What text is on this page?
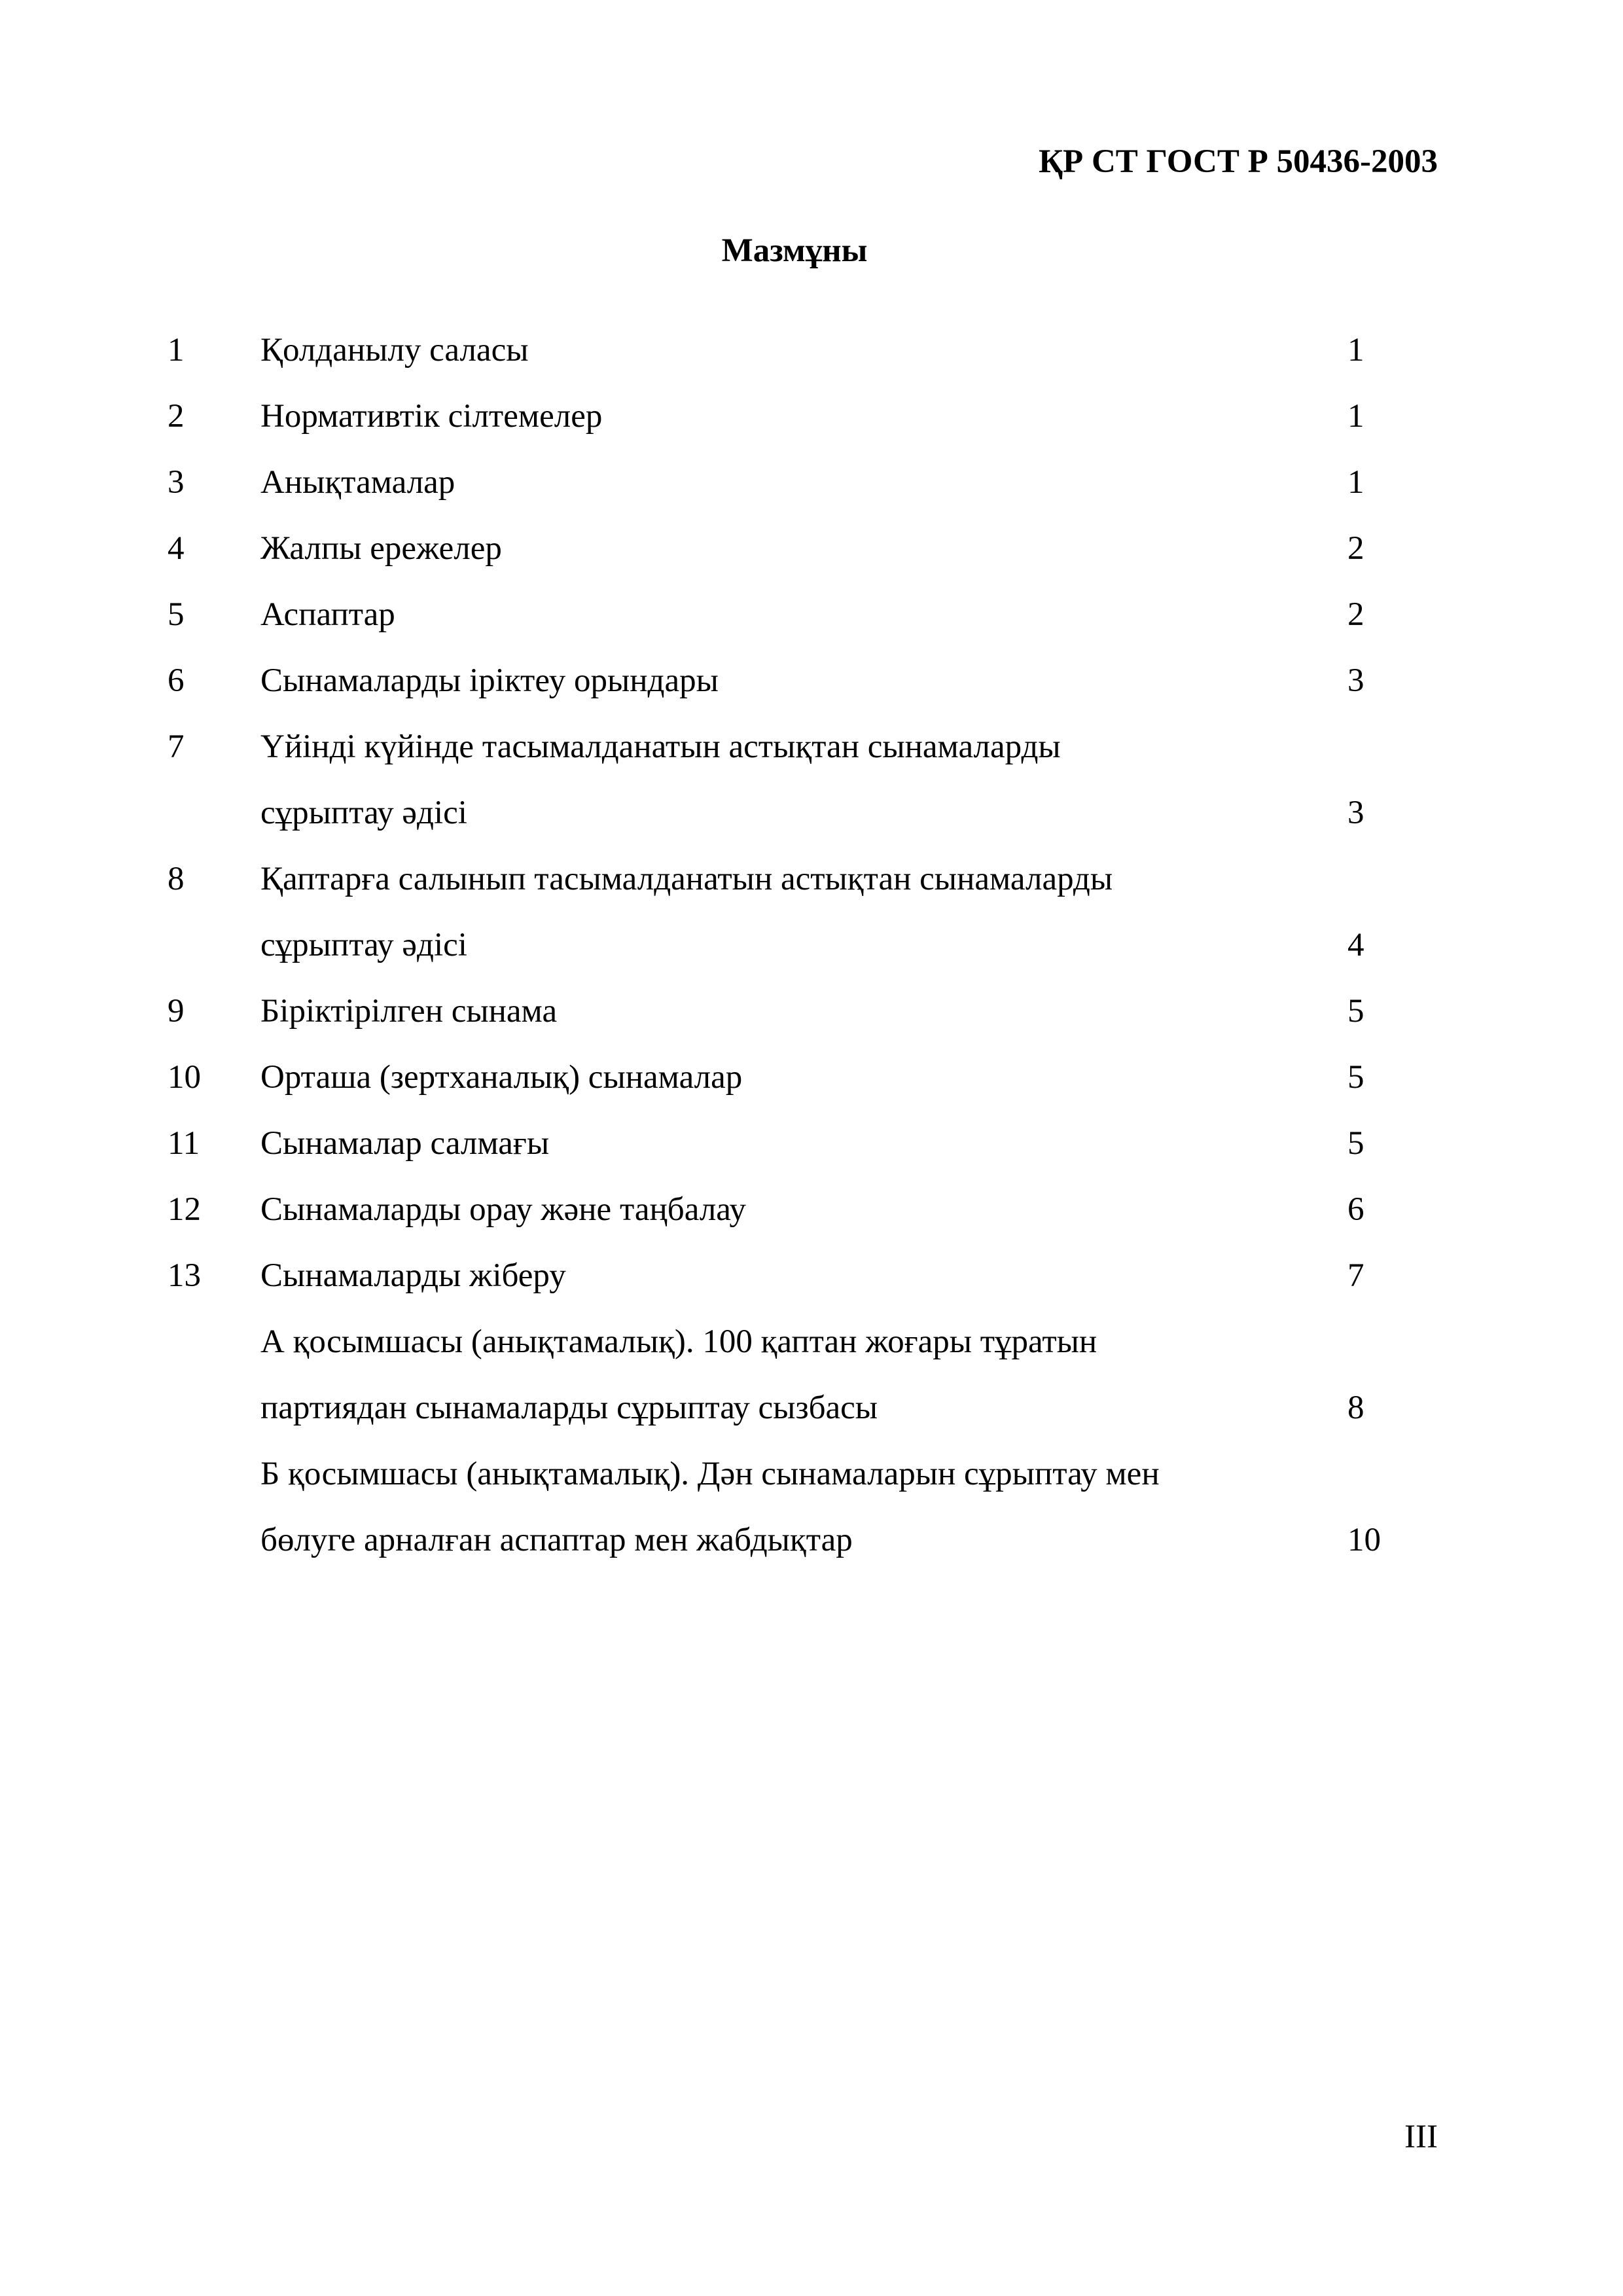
ҚР СТ ГОСТ Р 50436-2003
Мазмұны
1 Қолданылу саласы	1
2 Нормативтік сілтемелер	1
3 Анықтамалар	1
4 Жалпы ережелер	2
5 Аспаптар	2
6 Сынамаларды іріктеу орындары	3
7 Үйінді күйінде тасымалданатын астықтан сынамаларды
сұрыптау әдісі	3
8 Қаптарға салынып тасымалданатын астықтан сынамаларды
сұрыптау әдісі	4
9 Біріктірілген сынама	5
10 Орташа (зертханалық) сынамалар	5
11 Сынамалар салмағы	5
12 Сынамаларды орау және таңбалау	6
13 Сынамаларды жіберу	7
А қосымшасы (анықтамалық). 100 қаптан жоғары тұратын
партиядан сынамаларды сұрыптау сызбасы	8
Б қосымшасы (анықтамалық). Дән сынамаларын сұрыптау мен
бөлуге арналған аспаптар мен жабдықтар	10
III
